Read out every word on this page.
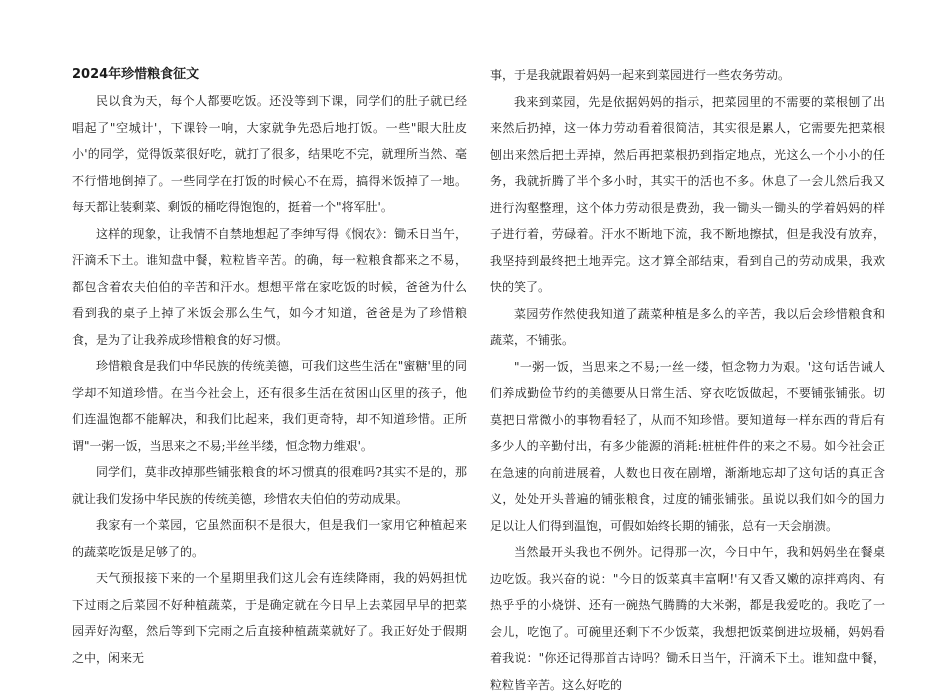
2024年珍惜粮食征文

民以食为天，每个人都要吃饭。还没等到下课，同学们的肚子就已经唱起了"空城计'，下课铃一响，大家就争先恐后地打饭。一些"眼大肚皮小'的同学，觉得饭菜很好吃，就打了很多，结果吃不完，就理所当然、毫不行惜地倒掉了。一些同学在打饭的时候心不在焉，搞得米饭掉了一地。每天都让装剩菜、剩饭的桶吃得饱饱的，挺着一个"将军肚'。

这样的现象，让我情不自禁地想起了李绅写得《悯农》：锄禾日当午，汗滴禾下土。谁知盘中餐，粒粒皆辛苦。的确，每一粒粮食都来之不易，都包含着农夫伯伯的辛苦和汗水。想想平常在家吃饭的时候，爸爸为什么看到我的桌子上掉了米饭会那么生气，如今才知道，爸爸是为了珍惜粮食，是为了让我养成珍惜粮食的好习惯。

珍惜粮食是我们中华民族的传统美德，可我们这些生活在"蜜糖'里的同学却不知道珍惜。在当今社会上，还有很多生活在贫困山区里的孩子，他们连温饱都不能解决，和我们比起来，我们更奇特，却不知道珍惜。正所谓"一粥一饭，当思来之不易;半丝半缕，恒念物力维艰'。

同学们，莫非改掉那些铺张粮食的坏习惯真的很难吗?其实不是的，那就让我们发扬中华民族的传统美德，珍惜农夫伯伯的劳动成果。

我家有一个菜园，它虽然面积不是很大，但是我们一家用它种植起来的蔬菜吃饭是足够了的。

天气预报接下来的一个星期里我们这儿会有连续降雨，我的妈妈担忧下过雨之后菜园不好种植蔬菜，于是确定就在今日早上去菜园早早的把菜园弄好沟壑，然后等到下完雨之后直接种植蔬菜就好了。我正好处于假期之中，闲来无

事，于是我就跟着妈妈一起来到菜园进行一些农务劳动。

我来到菜园，先是依据妈妈的指示，把菜园里的不需要的菜根刨了出来然后扔掉，这一体力劳动看着很简洁，其实很是累人，它需要先把菜根刨出来然后把土弄掉，然后再把菜根扔到指定地点，光这么一个小小的任务，我就折腾了半个多小时，其实干的活也不多。休息了一会儿然后我又进行沟壑整理，这个体力劳动很是费劲，我一锄头一锄头的学着妈妈的样子进行着，劳碌着。汗水不断地下流，我不断地擦拭，但是我没有放弃，我坚持到最终把土地弄完。这才算全部结束，看到自己的劳动成果，我欢快的笑了。

菜园劳作然使我知道了蔬菜种植是多么的辛苦，我以后会珍惜粮食和蔬菜，不铺张。

"一粥一饭，当思来之不易;一丝一缕，恒念物力为艰。'这句话告诫人们养成勤俭节约的美德要从日常生活、穿衣吃饭做起，不要铺张铺张。切莫把日常微小的事物看轻了，从而不知珍惜。要知道每一样东西的背后有多少人的辛勤付出，有多少能源的消耗:桩桩件件的来之不易。如今社会正在急速的向前进展着，人数也日夜在剧增，渐渐地忘却了这句话的真正含义，处处开头普遍的铺张粮食，过度的铺张铺张。虽说以我们如今的国力足以让人们得到温饱，可假如始终长期的铺张，总有一天会崩溃。

当然最开头我也不例外。记得那一次，今日中午，我和妈妈坐在餐桌边吃饭。我兴奋的说："今日的饭菜真丰富啊!'有又香又嫩的凉拌鸡肉、有热乎乎的小烧饼、还有一碗热气腾腾的大米粥，都是我爱吃的。我吃了一会儿，吃饱了。可碗里还剩下不少饭菜，我想把饭菜倒进垃圾桶，妈妈看着我说："你还记得那首古诗吗？锄禾日当午，汗滴禾下土。谁知盘中餐，粒粒皆辛苦。这么好吃的
